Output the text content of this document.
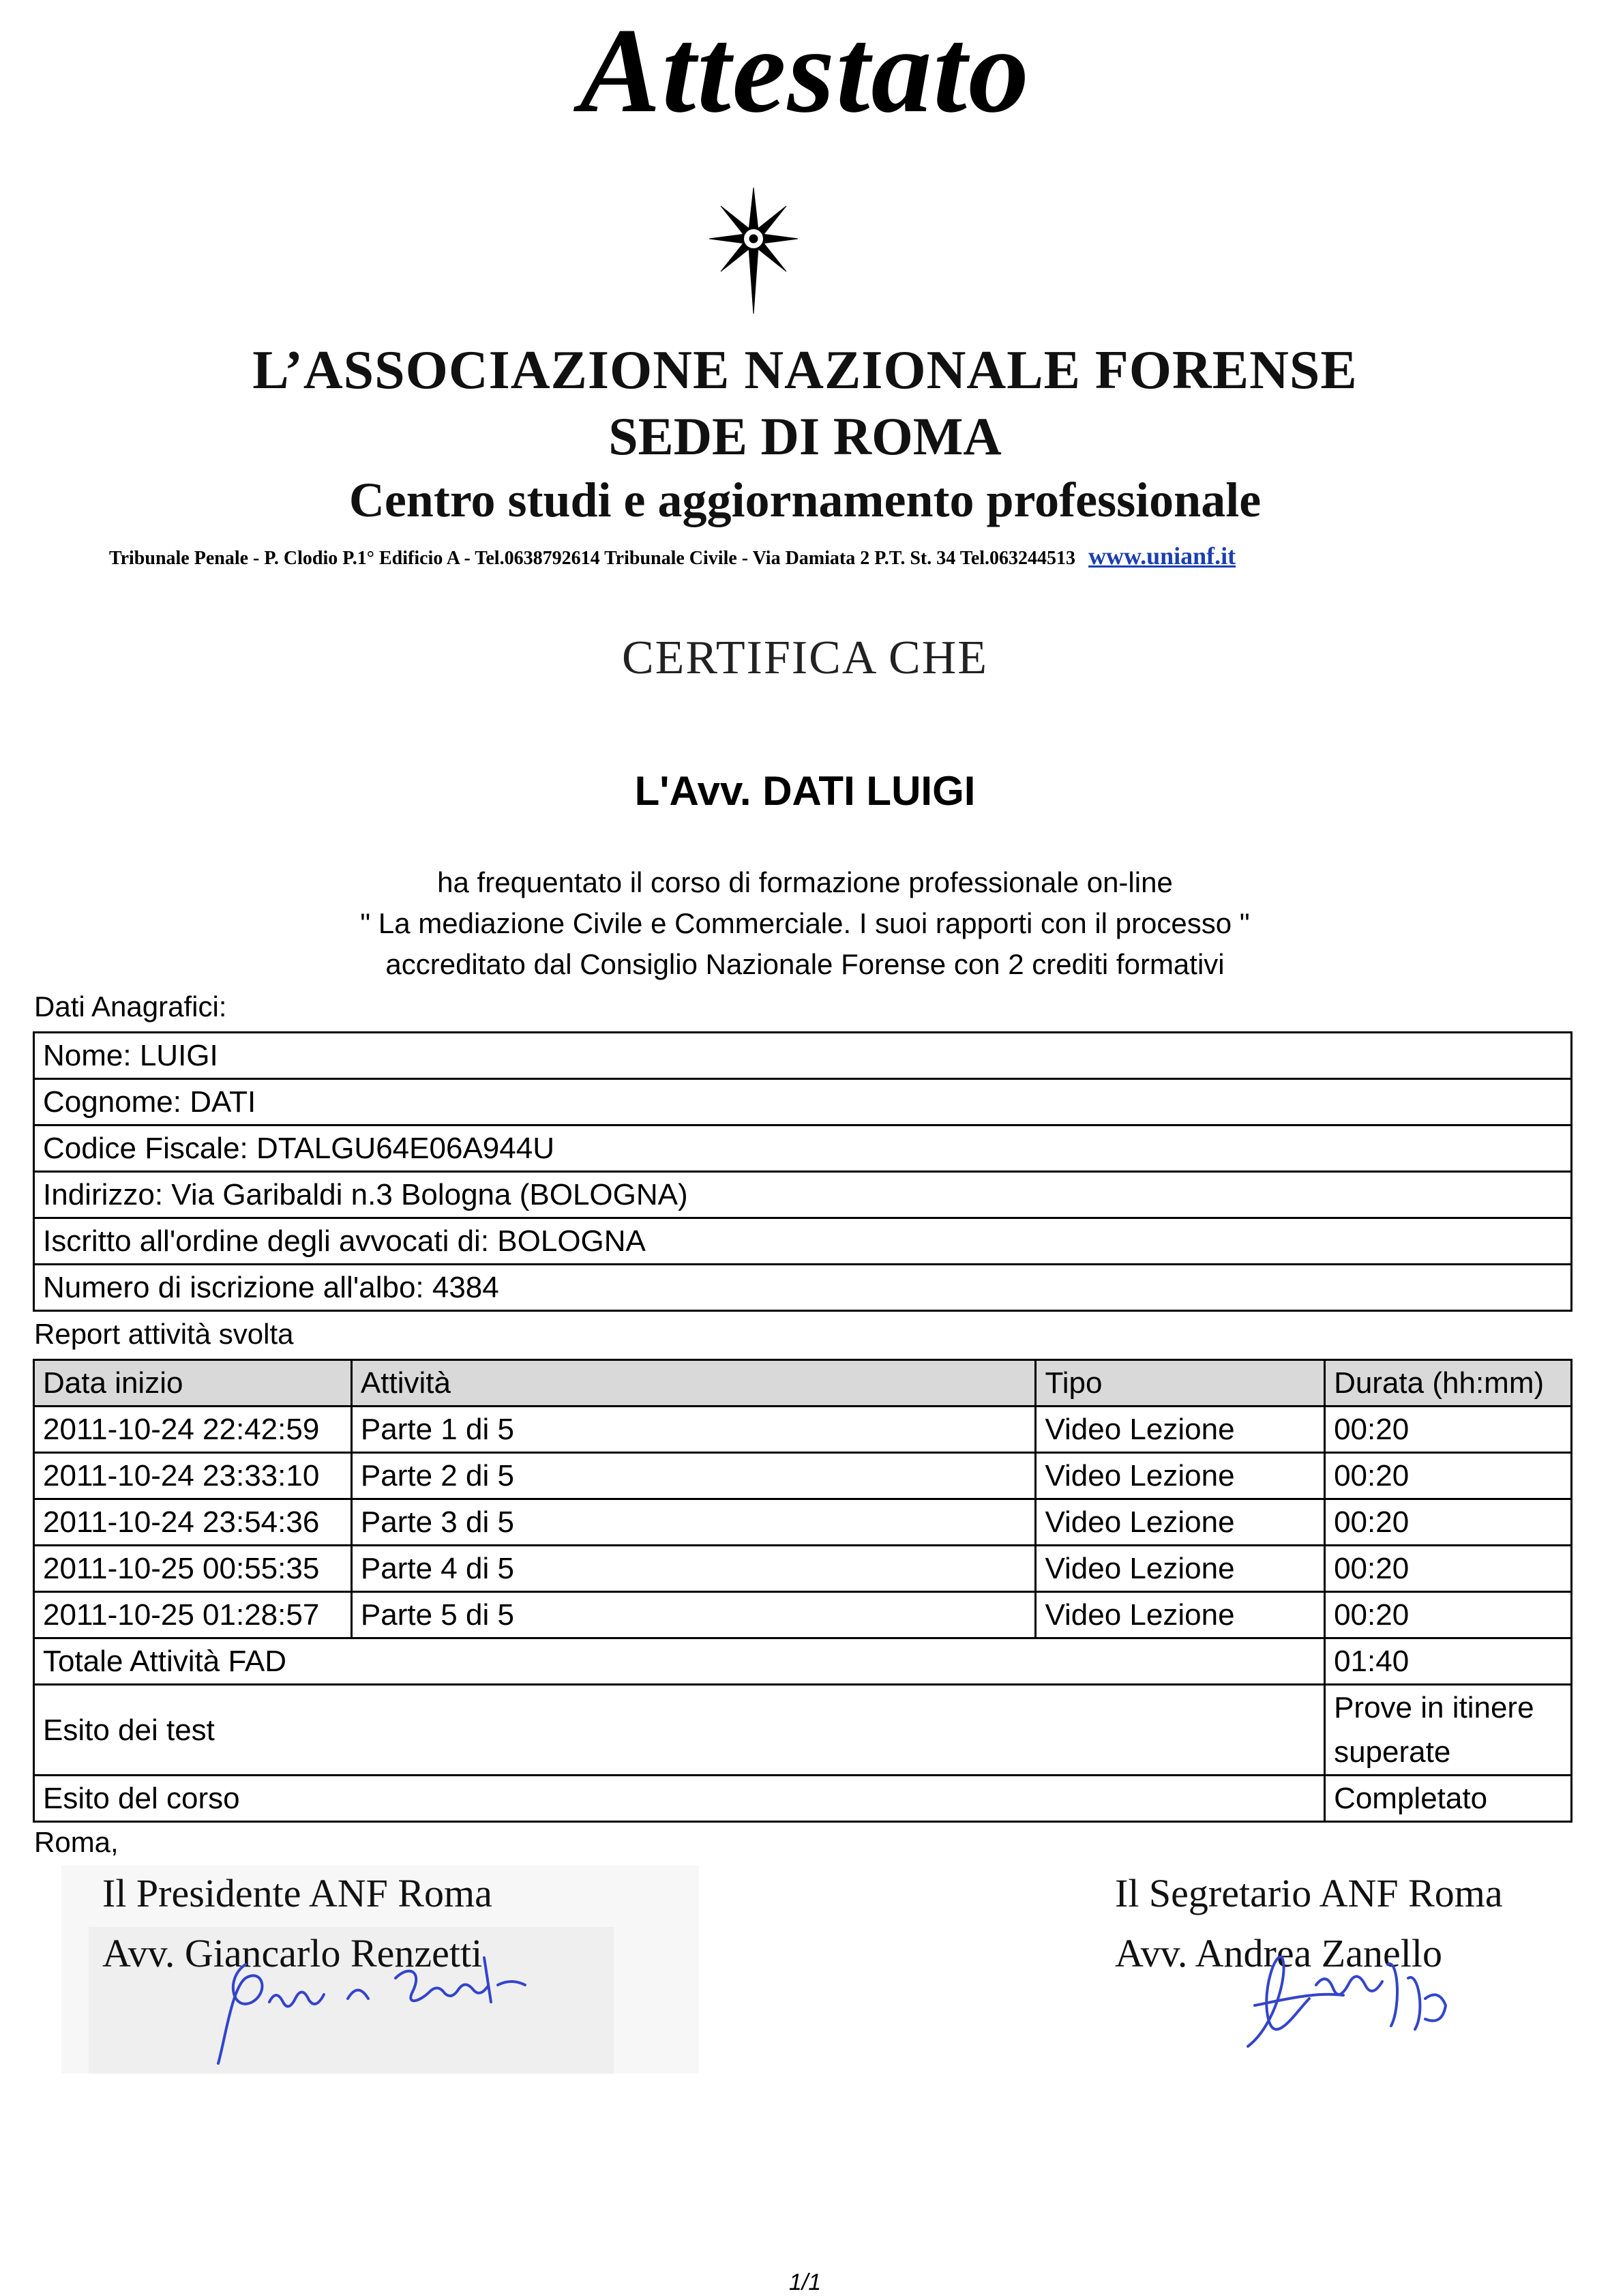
Attestato
L’ASSOCIAZIONE NAZIONALE FORENSE
SEDE DI ROMA
Centro studi e aggiornamento professionale
Tribunale Penale - P. Clodio P.1° Edificio A - Tel.0638792614 Tribunale Civile - Via Damiata 2 P.T. St. 34 Tel.063244513 www.unianf.it
CERTIFICA CHE
L'Avv. DATI LUIGI
ha frequentato il corso di formazione professionale on-line
" La mediazione Civile e Commerciale. I suoi rapporti con il processo "
accreditato dal Consiglio Nazionale Forense con 2 crediti formativi
Dati Anagrafici:
Nome: LUIGI
Cognome: DATI
Codice Fiscale: DTALGU64E06A944U
Indirizzo: Via Garibaldi n.3 Bologna (BOLOGNA)
Iscritto all'ordine degli avvocati di: BOLOGNA
Numero di iscrizione all'albo: 4384
Report attività svolta
Data inizio	Attività	Tipo	Durata (hh:mm)
2011-10-24 22:42:59	Parte 1 di 5	Video Lezione	00:20
2011-10-24 23:33:10	Parte 2 di 5	Video Lezione	00:20
2011-10-24 23:54:36	Parte 3 di 5	Video Lezione	00:20
2011-10-25 00:55:35	Parte 4 di 5	Video Lezione	00:20
2011-10-25 01:28:57	Parte 5 di 5	Video Lezione	00:20
Totale Attività FAD			01:40
Esito dei test			Prove in itinere superate
Esito del corso			Completato
Roma,
Il Presidente ANF Roma
Avv. Giancarlo Renzetti
Il Segretario ANF Roma
Avv. Andrea Zanello
1/1
